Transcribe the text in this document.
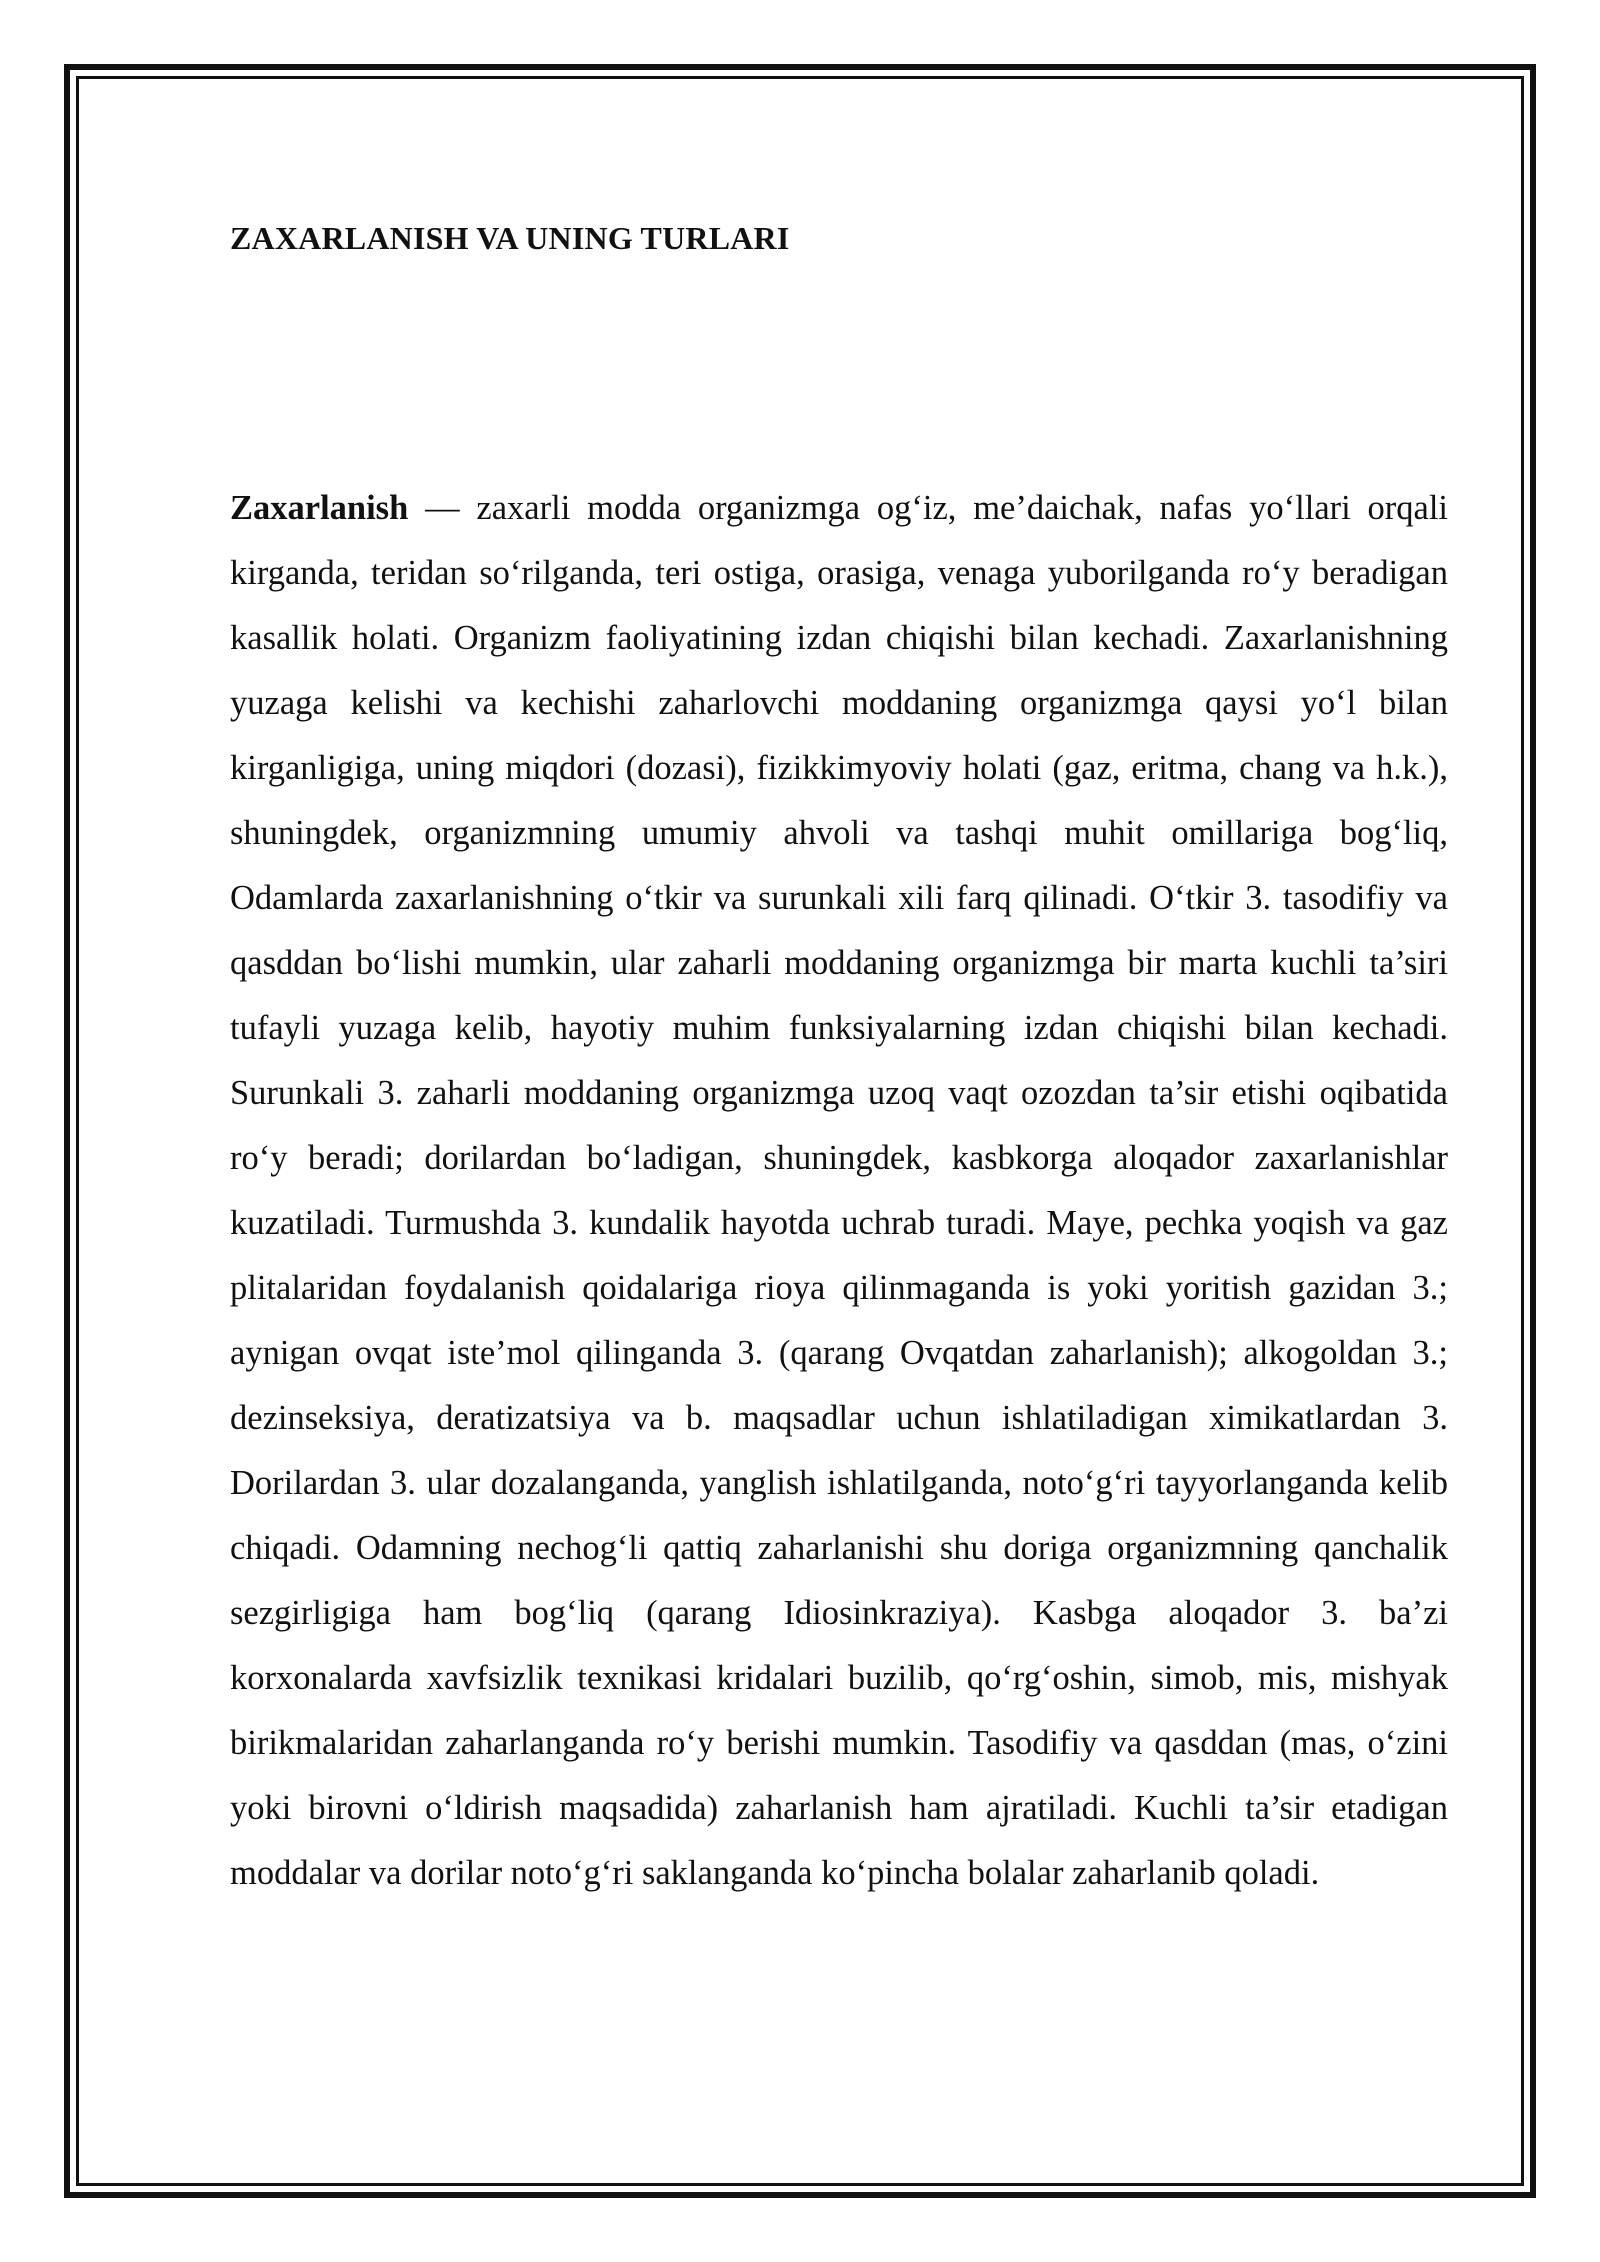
ZAXARLANISH VA UNING TURLARI

Zaxarlanish — zaxarli modda organizmga og‘iz, me’daichak, nafas yo‘llari orqali kirganda, teridan so‘rilganda, teri ostiga, orasiga, venaga yuborilganda ro‘y beradigan kasallik holati. Organizm faoliyatining izdan chiqishi bilan kechadi. Zaxarlanishning yuzaga kelishi va kechishi zaharlovchi moddaning organizmga qaysi yo‘l bilan kirganligiga, uning miqdori (dozasi), fizikkimyoviy holati (gaz, eritma, chang va h.k.), shuningdek, organizmning umumiy ahvoli va tashqi muhit omillariga bog‘liq, Odamlarda zaxarlanishning o‘tkir va surunkali xili farq qilinadi. O‘tkir 3. tasodifiy va qasddan bo‘lishi mumkin, ular zaharli moddaning organizmga bir marta kuchli ta’siri tufayli yuzaga kelib, hayotiy muhim funksiyalarning izdan chiqishi bilan kechadi. Surunkali 3. zaharli moddaning organizmga uzoq vaqt ozozdan ta’sir etishi oqibatida ro‘y beradi; dorilardan bo‘ladigan, shuningdek, kasbkorga aloqador zaxarlanishlar kuzatiladi. Turmushda 3. kundalik hayotda uchrab turadi. Maye, pechka yoqish va gaz plitalaridan foydalanish qoidalariga rioya qilinmaganda is yoki yoritish gazidan 3.; aynigan ovqat iste’mol qilinganda 3. (qarang Ovqatdan zaharlanish); alkogoldan 3.; dezinseksiya, deratizatsiya va b. maqsadlar uchun ishlatiladigan ximikatlardan 3. Dorilardan 3. ular dozalanganda, yanglish ishlatilganda, noto‘g‘ri tayyorlanganda kelib chiqadi. Odamning nechog‘li qattiq zaharlanishi shu doriga organizmning qanchalik sezgirligiga ham bog‘liq (qarang Idiosinkraziya). Kasbga aloqador 3. ba’zi korxonalarda xavfsizlik texnikasi kridalari buzilib, qo‘rg‘oshin, simob, mis, mishyak birikmalaridan zaharlanganda ro‘y berishi mumkin. Tasodifiy va qasddan (mas, o‘zini yoki birovni o‘ldirish maqsadida) zaharlanish ham ajratiladi. Kuchli ta’sir etadigan moddalar va dorilar noto‘g‘ri saklanganda ko‘pincha bolalar zaharlanib qoladi.
